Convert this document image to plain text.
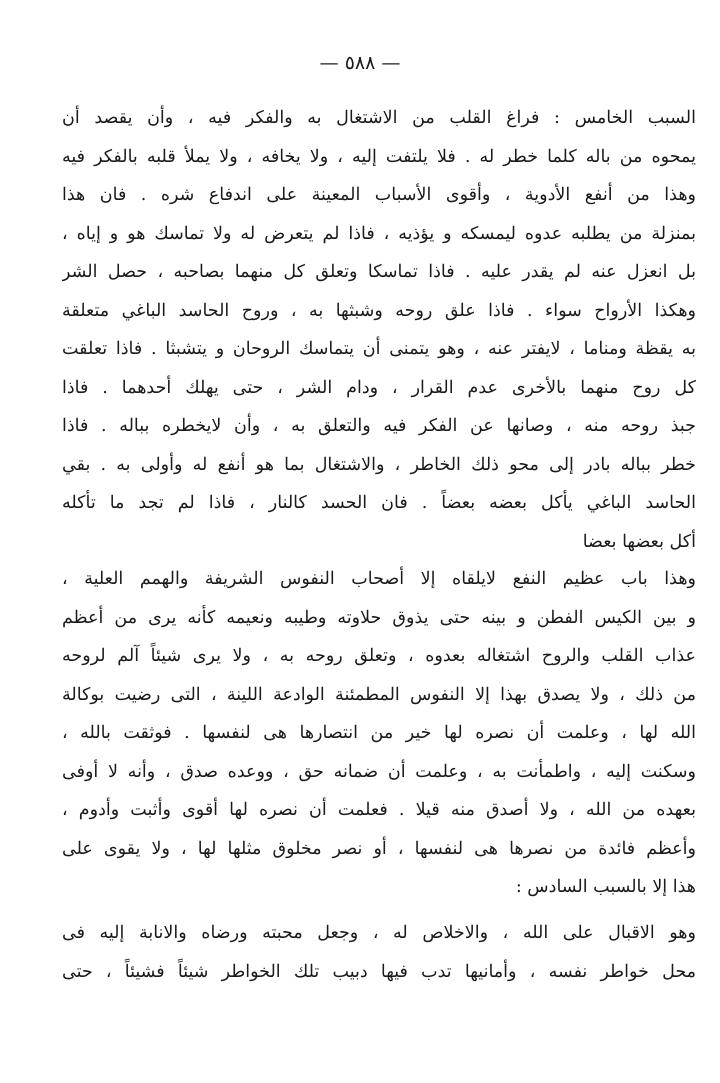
— ٥٨٨ —
السبب الخامس : فراغ القلب من الاشتغال به والفكر فيه ، وأن يقصد أن
يمحوه من باله كلما خطر له . فلا يلتفت إليه ، ولا يخافه ، ولا يملأ قلبه بالفكر فيه
وهذا من أنفع الأدوية ، وأقوى الأسباب المعينة على اندفاع شره . فان هذا
بمنزلة من يطلبه عدوه ليمسكه و يؤذيه ، فاذا لم يتعرض له ولا تماسك هو و إياه ،
بل انعزل عنه لم يقدر عليه . فاذا تماسكا وتعلق كل منهما بصاحبه ، حصل الشر
وهكذا الأرواح سواء . فاذا علق روحه وشبثها به ، وروح الحاسد الباغي متعلقة
به يقظة ومناما ، لايفتر عنه ، وهو يتمنى أن يتماسك الروحان و يتشبثا . فاذا تعلقت
كل روح منهما بالأخرى عدم القرار ، ودام الشر ، حتى يهلك أحدهما . فاذا
جبذ روحه منه ، وصانها عن الفكر فيه والتعلق به ، وأن لايخطره بباله . فاذا
خطر بباله بادر إلى محو ذلك الخاطر ، والاشتغال بما هو أنفع له وأولى به . بقي
الحاسد الباغي يأكل بعضه بعضاً . فان الحسد كالنار ، فاذا لم تجد ما تأكله
أكل بعضها بعضا
وهذا باب عظيم النفع لايلقاه إلا أصحاب النفوس الشريفة والهمم العلية ،
و بين الكيس الفطن و بينه حتى يذوق حلاوته وطيبه ونعيمه كأنه يرى من أعظم
عذاب القلب والروح اشتغاله بعدوه ، وتعلق روحه به ، ولا يرى شيئاً آلم لروحه
من ذلك ، ولا يصدق بهذا إلا النفوس المطمئنة الوادعة اللينة ، التى رضيت بوكالة
الله لها ، وعلمت أن نصره لها خير من انتصارها هى لنفسها . فوثقت بالله ،
وسكنت إليه ، واطمأنت به ، وعلمت أن ضمانه حق ، ووعده صدق ، وأنه لا أوفى
بعهده من الله ، ولا أصدق منه قيلا . فعلمت أن نصره لها أقوى وأثبت وأدوم ،
وأعظم فائدة من نصرها هى لنفسها ، أو نصر مخلوق مثلها لها ، ولا يقوى على
هذا إلا بالسبب السادس :
وهو الاقبال على الله ، والاخلاص له ، وجعل محبته ورضاه والانابة إليه فى
محل خواطر نفسه ، وأمانيها تدب فيها دبيب تلك الخواطر شيئاً فشيئاً ، حتى
